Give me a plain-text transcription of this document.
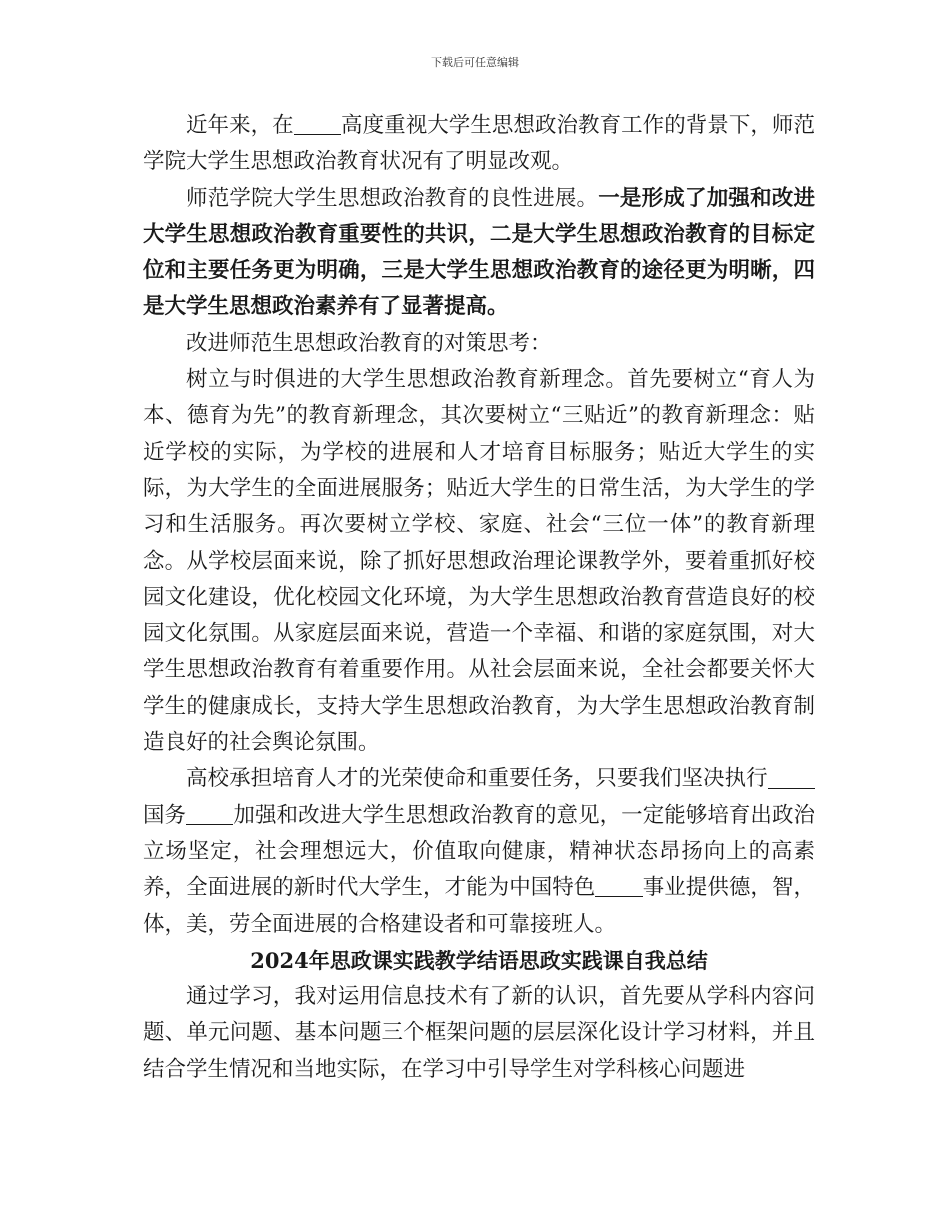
下载后可任意编辑

近年来，在 高度重视大学生思想政治教育工作的背景下，师范学院大学生思想政治教育状况有了明显改观。

师范学院大学生思想政治教育的良性进展。一是形成了加强和改进大学生思想政治教育重要性的共识，二是大学生思想政治教育的目标定位和主要任务更为明确，三是大学生思想政治教育的途径更为明晰，四是大学生思想政治素养有了显著提高。

改进师范生思想政治教育的对策思考：

树立与时俱进的大学生思想政治教育新理念。首先要树立“育人为本、德育为先”的教育新理念，其次要树立“三贴近”的教育新理念：贴近学校的实际，为学校的进展和人才培育目标服务；贴近大学生的实际，为大学生的全面进展服务；贴近大学生的日常生活，为大学生的学习和生活服务。再次要树立学校、家庭、社会“三位一体”的教育新理念。从学校层面来说，除了抓好思想政治理论课教学外，要着重抓好校园文化建设，优化校园文化环境，为大学生思想政治教育营造良好的校园文化氛围。从家庭层面来说，营造一个幸福、和谐的家庭氛围，对大学生思想政治教育有着重要作用。从社会层面来说，全社会都要关怀大学生的健康成长，支持大学生思想政治教育，为大学生思想政治教育制造良好的社会舆论氛围。

高校承担培育人才的光荣使命和重要任务，只要我们坚决执行国务 加强和改进大学生思想政治教育的意见，一定能够培育出政治立场坚定，社会理想远大，价值取向健康，精神状态昂扬向上的高素养，全面进展的新时代大学生，才能为中国特色 事业提供德，智，体，美，劳全面进展的合格建设者和可靠接班人。

2024年思政课实践教学结语思政实践课自我总结

通过学习，我对运用信息技术有了新的认识，首先要从学科内容问题、单元问题、基本问题三个框架问题的层层深化设计学习材料，并且结合学生情况和当地实际，在学习中引导学生对学科核心问题进
